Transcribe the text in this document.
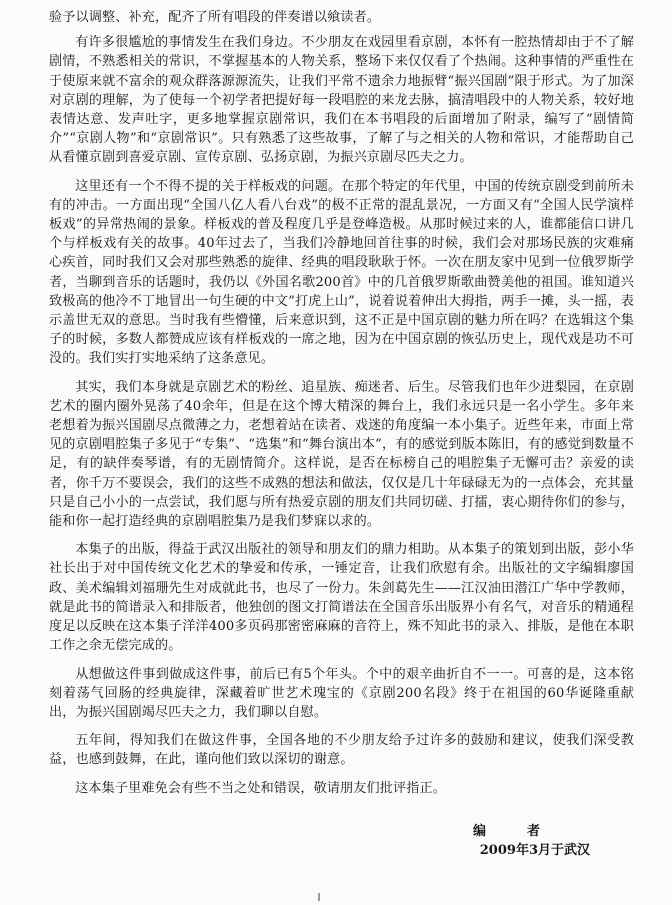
验予以调整、补充，配齐了所有唱段的伴奏谱以飨读者。

有许多很尴尬的事情发生在我们身边。不少朋友在戏园里看京剧，本怀有一腔热情却由于不了解剧情，不熟悉相关的常识，不掌握基本的人物关系，整场下来仅仅看了个热闹。这种事情的严重性在于使原来就不富余的观众群落源源流失，让我们平常不遗余力地振臂“振兴国剧”限于形式。为了加深对京剧的理解，为了使每一个初学者把提好每一段唱腔的来龙去脉，搞清唱段中的人物关系，较好地表情达意、发声吐字，更多地掌握京剧常识，我们在本书唱段的后面增加了附录，编写了“剧情简介”“京剧人物”和“京剧常识”。只有熟悉了这些故事，了解了与之相关的人物和常识，才能帮助自己从看懂京剧到喜爱京剧、宣传京剧、弘扬京剧，为振兴京剧尽匹夫之力。

这里还有一个不得不提的关于样板戏的问题。在那个特定的年代里，中国的传统京剧受到前所未有的冲击。一方面出现“全国八亿人看八台戏”的极不正常的混乱景况，一方面又有“全国人民学演样板戏”的异常热闹的景象。样板戏的普及程度几乎是登峰造极。从那时候过来的人，谁都能信口讲几个与样板戏有关的故事。40年过去了，当我们冷静地回首往事的时候，我们会对那场民族的灾难痛心疾首，同时我们又会对那些熟悉的旋律、经典的唱段耿耿于怀。一次在朋友家中见到一位俄罗斯学者，当聊到音乐的话题时，我仍以《外国名歌200首》中的几首俄罗斯歌曲赞美他的祖国。谁知道兴致极高的他冷不丁地冒出一句生硬的中文“打虎上山”，说着说着伸出大拇指，两手一摊，头一摇，表示盖世无双的意思。当时我有些懵懂，后来意识到，这不正是中国京剧的魅力所在吗？在选辑这个集子的时候，多数人都赞成应该有样板戏的一席之地，因为在中国京剧的恢弘历史上，现代戏是功不可没的。我们实打实地采纳了这条意见。

其实，我们本身就是京剧艺术的粉丝、追星族、痴迷者、后生。尽管我们也年少进梨园，在京剧艺术的圈内圈外晃荡了40余年，但是在这个博大精深的舞台上，我们永远只是一名小学生。多年来老想着为振兴国剧尽点微薄之力，老想着站在读者、戏迷的角度编一本小集子。近些年来，市面上常见的京剧唱腔集子多见于“专集”、“选集”和“舞台演出本”，有的感觉到版本陈旧，有的感觉到数量不足，有的缺伴奏琴谱，有的无剧情简介。这样说，是否在标榜自己的唱腔集子无懈可击？亲爱的读者，你千万不要误会，我们的这些不成熟的想法和做法，仅仅是几十年碌碌无为的一点体会，充其量只是自己小小的一点尝试，我们愿与所有热爱京剧的朋友们共同切磋、打擂，衷心期待你们的参与，能和你一起打造经典的京剧唱腔集乃是我们梦寐以求的。

本集子的出版，得益于武汉出版社的领导和朋友们的鼎力相助。从本集子的策划到出版，彭小华社长出于对中国传统文化艺术的挚爱和传承，一锤定音，让我们欣慰有余。出版社的文字编辑廖国政、美术编辑刘福珊先生对成就此书，也尽了一份力。朱剑葛先生——江汉油田潜江广华中学教师，就是此书的简谱录入和排版者，他独创的图文打简谱法在全国音乐出版界小有名气，对音乐的精通程度足以反映在这本集子洋洋400多页码那密密麻麻的音符上，殊不知此书的录入、排版，是他在本职工作之余无偿完成的。

从想做这件事到做成这件事，前后已有5个年头。个中的艰辛曲折自不一一。可喜的是，这本铭刻着荡气回肠的经典旋律，深藏着旷世艺术瑰宝的《京剧200名段》终于在祖国的60华诞隆重献出，为振兴国剧竭尽匹夫之力，我们聊以自慰。

五年间，得知我们在做这件事，全国各地的不少朋友给予过许多的鼓励和建议，使我们深受教益，也感到鼓舞，在此，谨向他们致以深切的谢意。

这本集子里难免会有些不当之处和错误，敬请朋友们批评指正。

编　者
2009年3月于武汉
